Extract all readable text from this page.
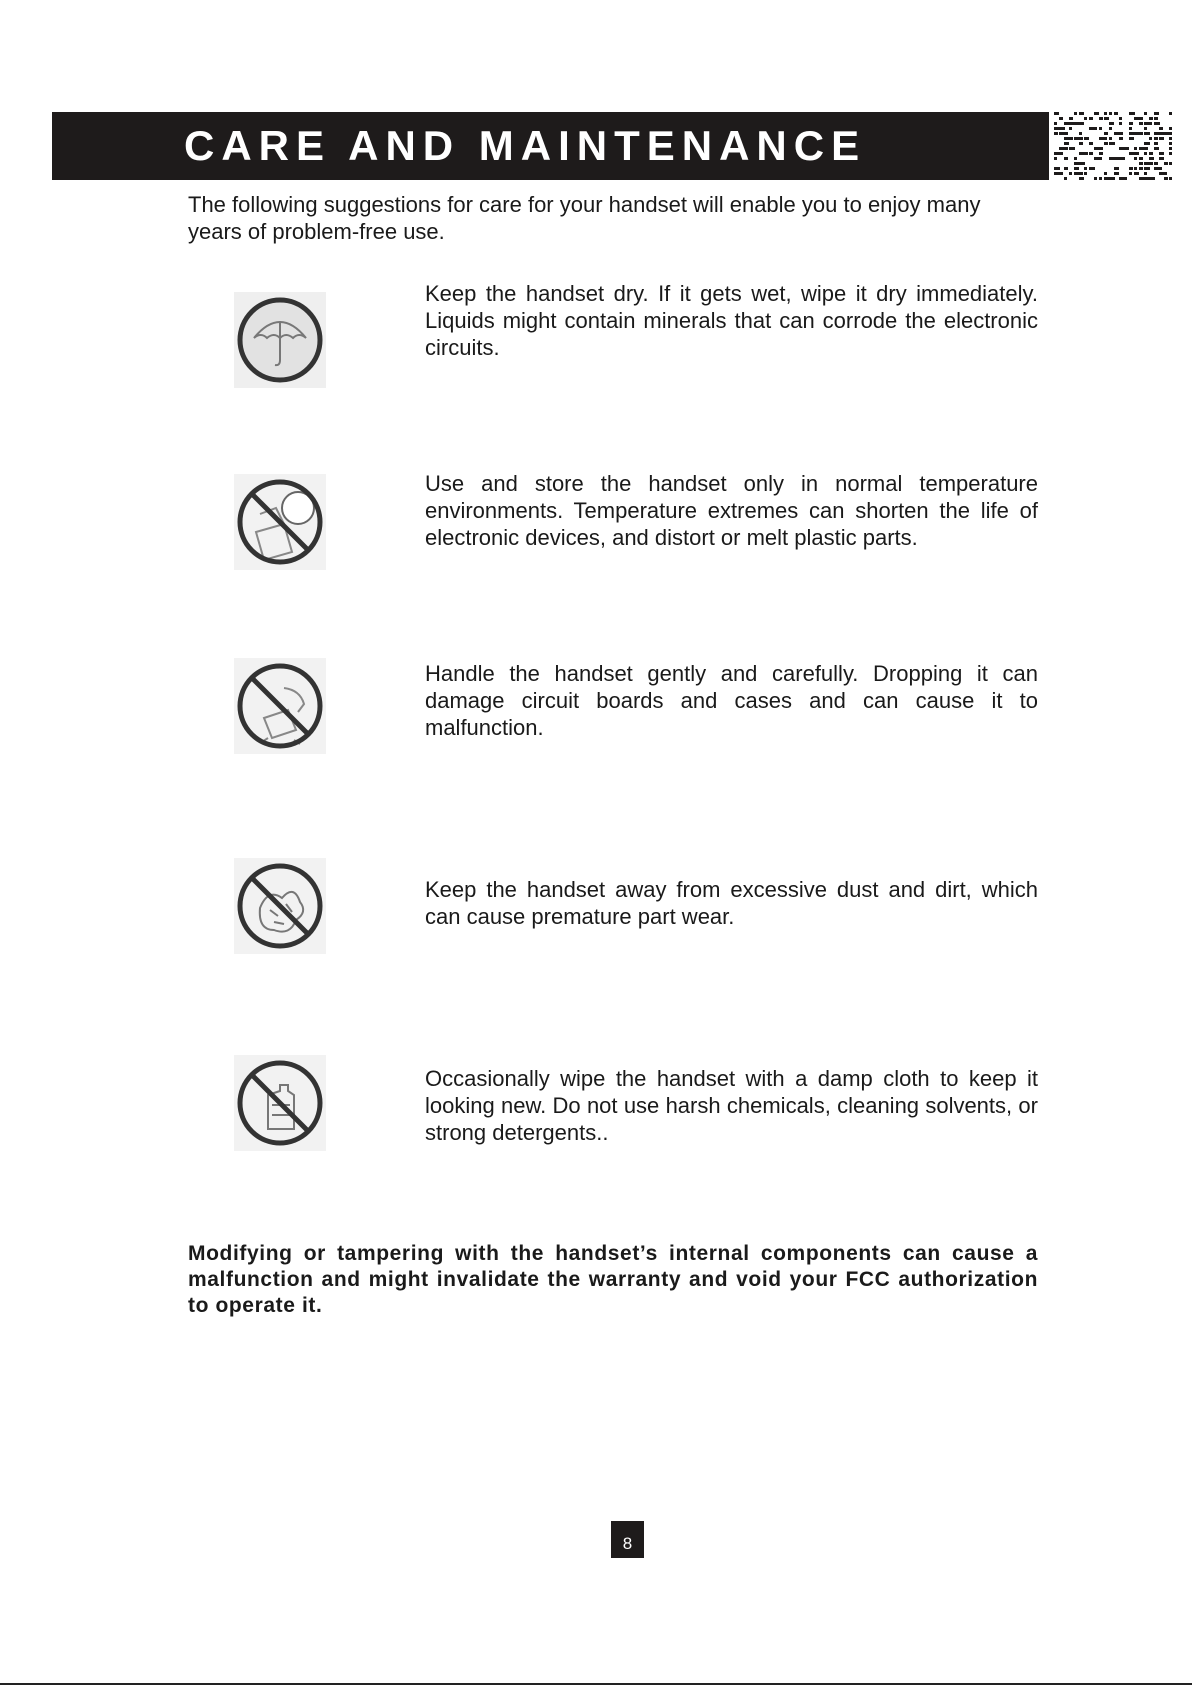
CARE AND MAINTENANCE
The following suggestions for care for your handset will enable you to enjoy many years of problem-free use.
Keep the handset dry. If it gets wet, wipe it dry immediately. Liquids might contain minerals that can corrode the electronic circuits.
Use and store the handset only in normal temperature environments. Temperature extremes can shorten the life of electronic devices, and distort or melt plastic parts.
Handle the handset gently and carefully. Dropping it can damage circuit boards and cases and can cause it to malfunction.
Keep the handset away from excessive dust and dirt, which can cause premature part wear.
Occasionally wipe the handset with a damp cloth to keep it looking new. Do not use harsh chemicals, cleaning solvents, or strong detergents..
Modifying or tampering with the handset’s internal components can cause a malfunction and might invalidate the warranty and void your FCC authorization to operate it.
8
